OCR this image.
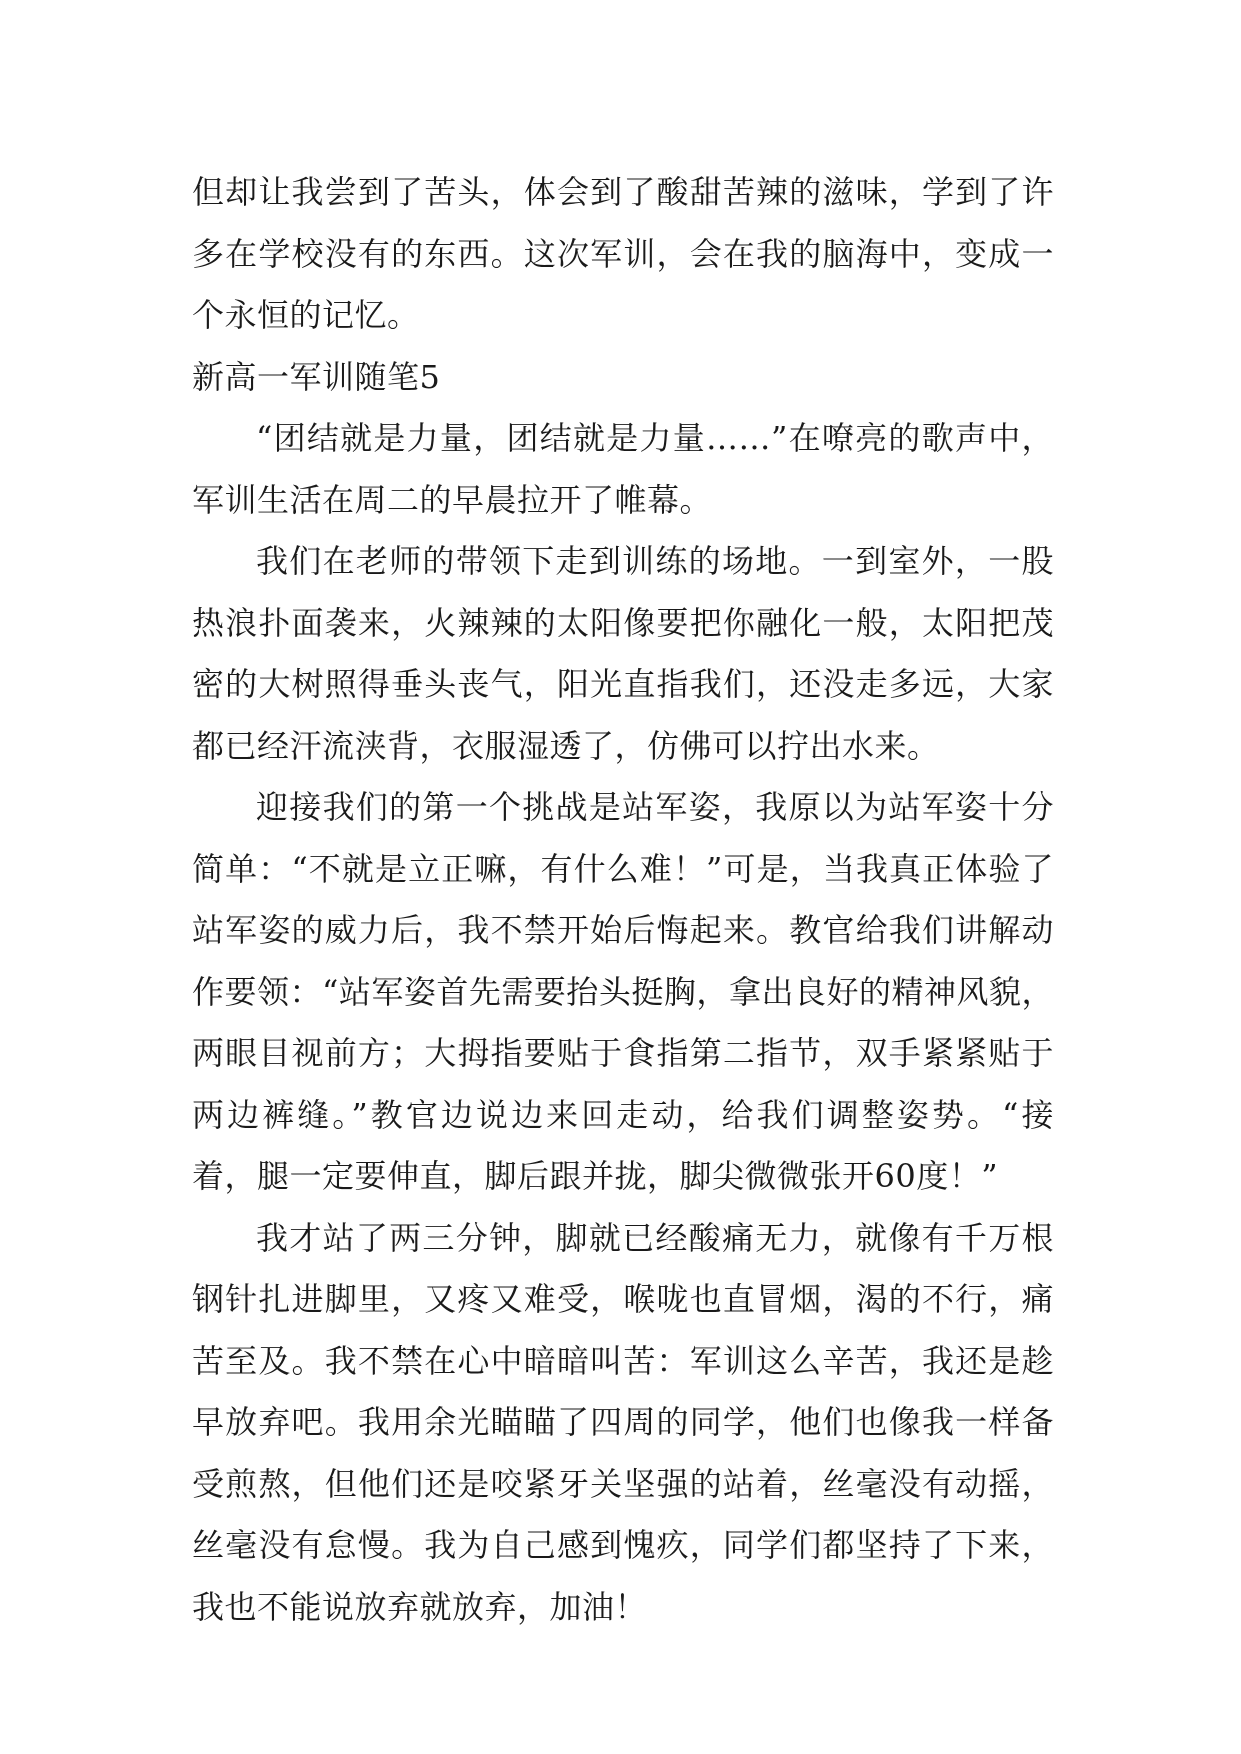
但却让我尝到了苦头，体会到了酸甜苦辣的滋味，学到了许多在学校没有的东西。这次军训，会在我的脑海中，变成一个永恒的记忆。

新高一军训随笔5

“团结就是力量，团结就是力量……”在嘹亮的歌声中，军训生活在周二的早晨拉开了帷幕。

我们在老师的带领下走到训练的场地。一到室外，一股热浪扑面袭来，火辣辣的太阳像要把你融化一般，太阳把茂密的大树照得垂头丧气，阳光直指我们，还没走多远，大家都已经汗流浃背，衣服湿透了，仿佛可以拧出水来。

迎接我们的第一个挑战是站军姿，我原以为站军姿十分简单：“不就是立正嘛，有什么难！”可是，当我真正体验了站军姿的威力后，我不禁开始后悔起来。教官给我们讲解动作要领：“站军姿首先需要抬头挺胸，拿出良好的精神风貌，两眼目视前方；大拇指要贴于食指第二指节，双手紧紧贴于两边裤缝。”教官边说边来回走动，给我们调整姿势。“接着，腿一定要伸直，脚后跟并拢，脚尖微微张开60度！”

我才站了两三分钟，脚就已经酸痛无力，就像有千万根钢针扎进脚里，又疼又难受，喉咙也直冒烟，渴的不行，痛苦至及。我不禁在心中暗暗叫苦：军训这么辛苦，我还是趁早放弃吧。我用余光瞄瞄了四周的同学，他们也像我一样备受煎熬，但他们还是咬紧牙关坚强的站着，丝毫没有动摇，丝毫没有怠慢。我为自己感到愧疚，同学们都坚持了下来，我也不能说放弃就放弃，加油！
